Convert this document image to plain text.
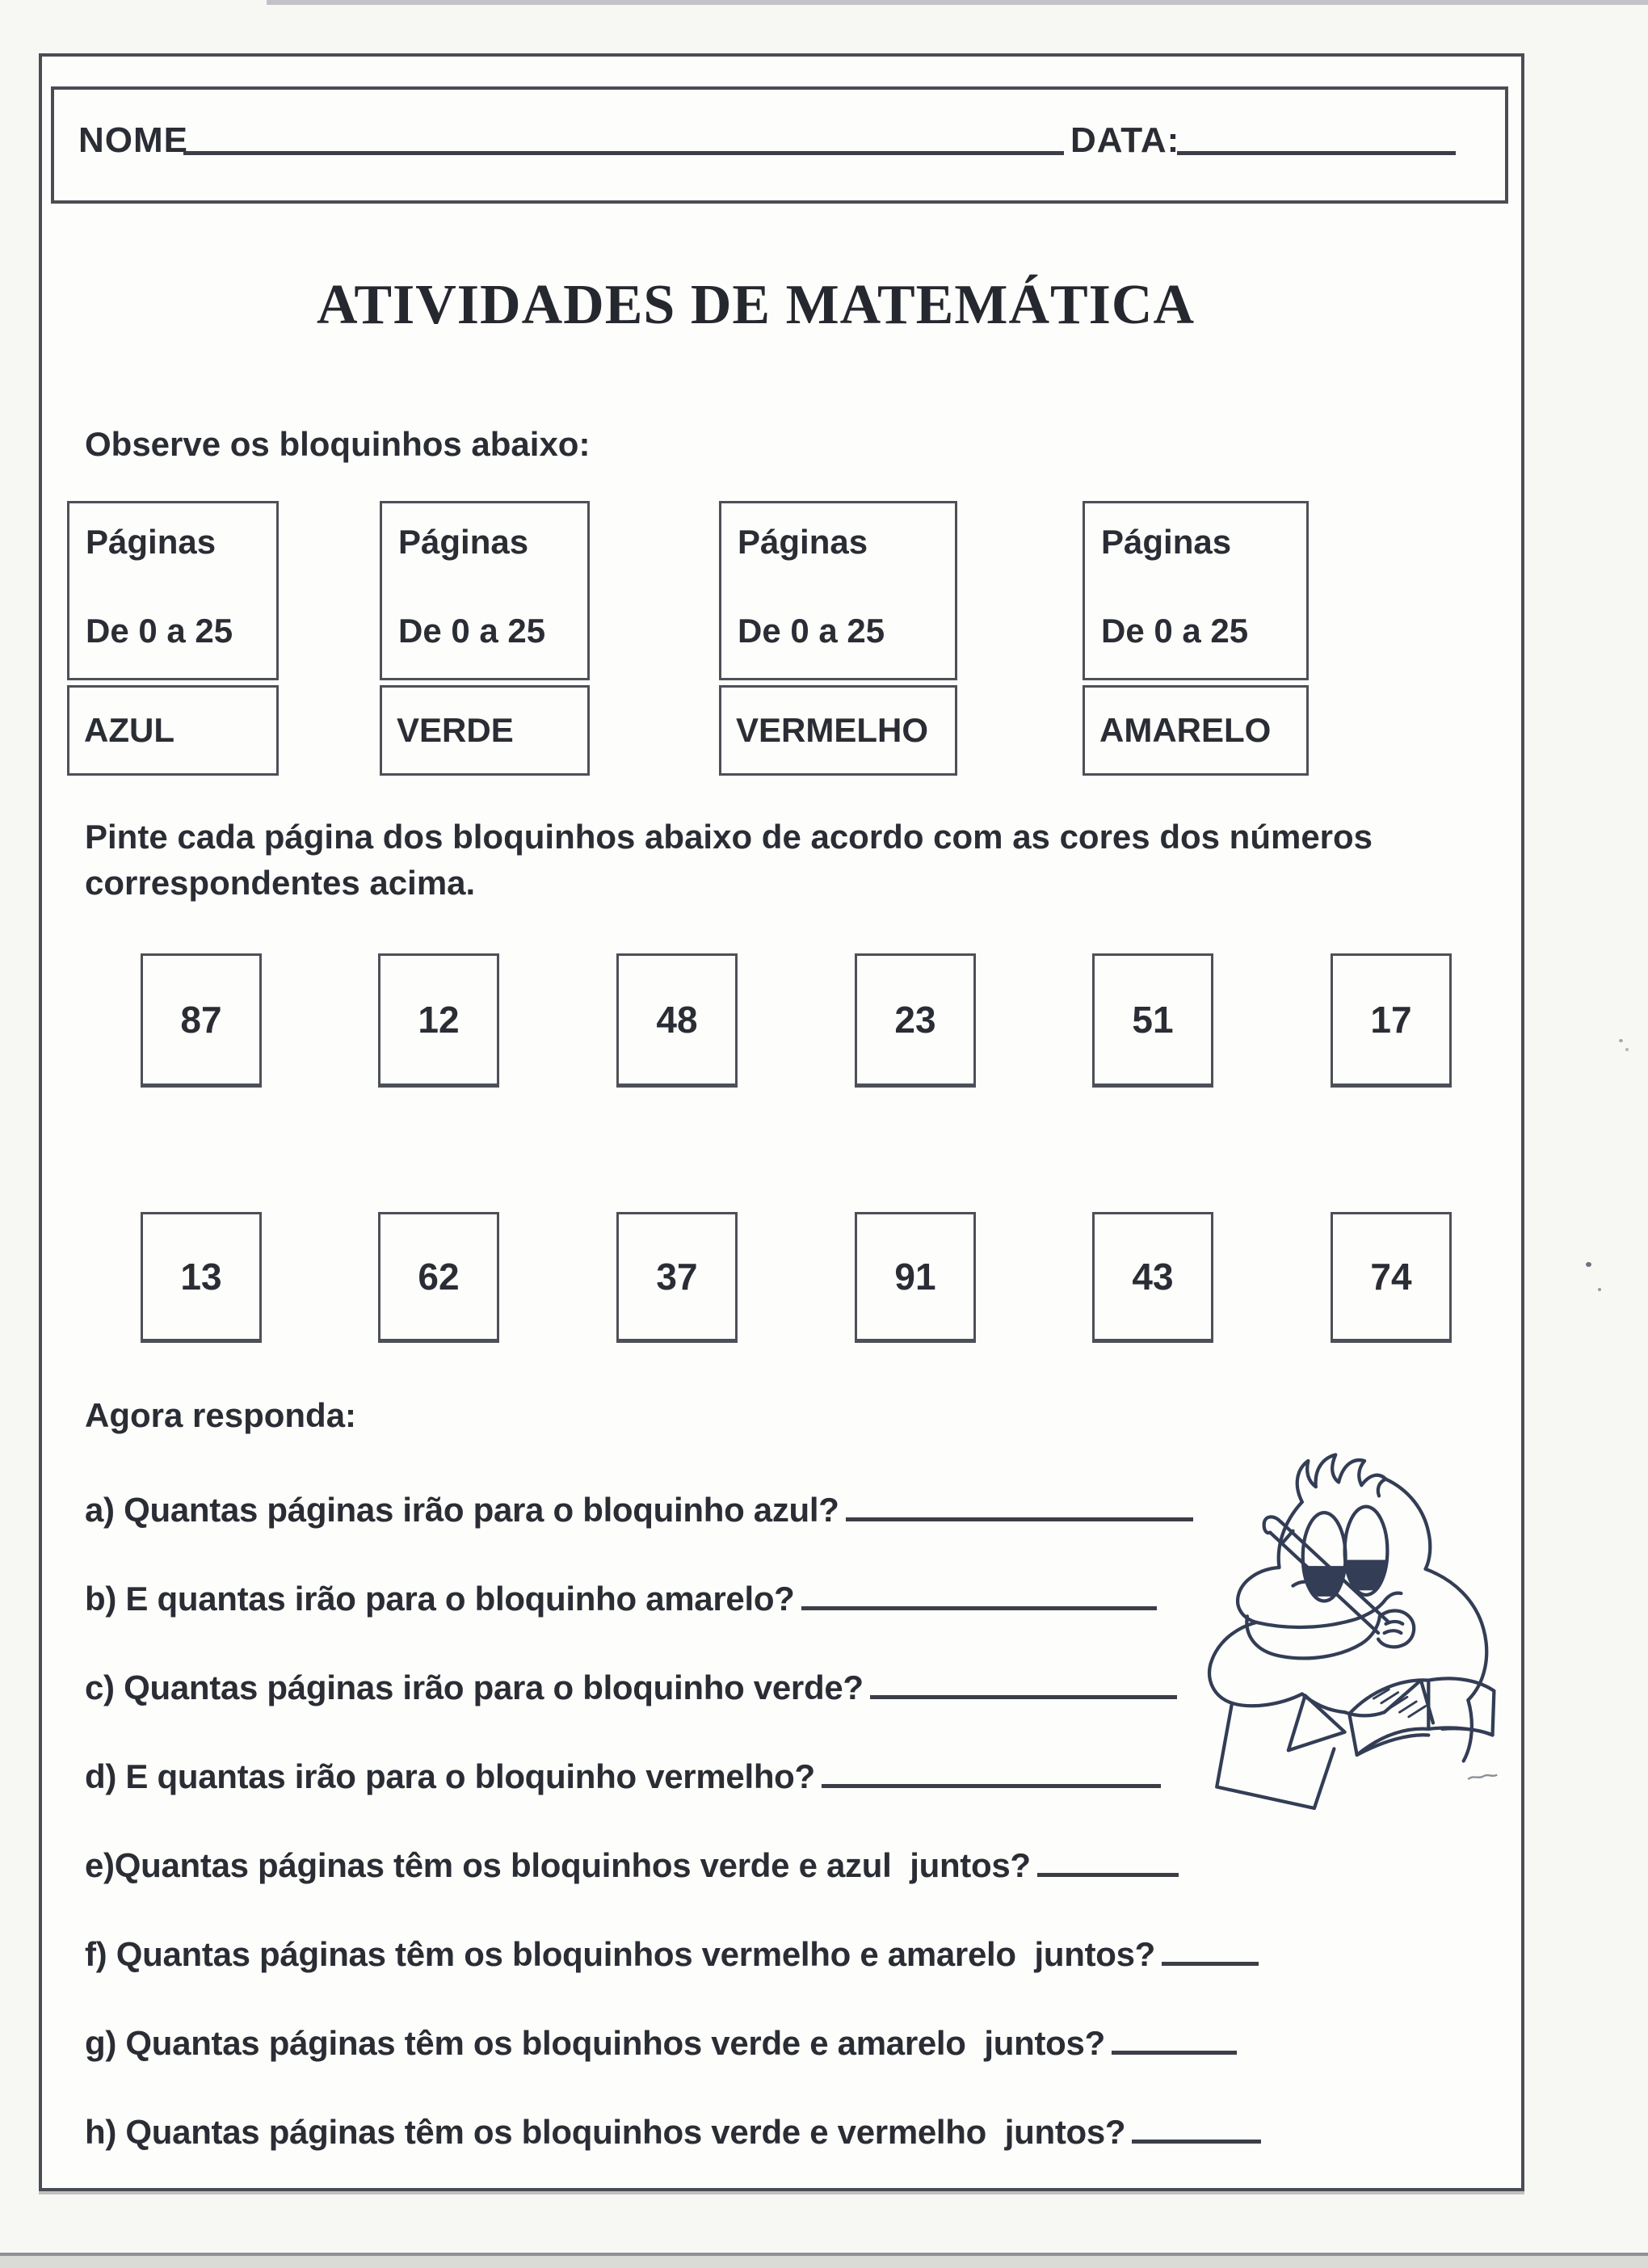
NOME	DATA:
ATIVIDADES DE MATEMÁTICA

Observe os bloquinhos abaixo:

Páginas
De 0 a 25
AZUL
Páginas
De 0 a 25
VERDE
Páginas
De 0 a 25
VERMELHO
Páginas
De 0 a 25
AMARELO

Pinte cada página dos bloquinhos abaixo de acordo com as cores dos números
correspondentes acima.

87	12	48	23	51	17
13	62	37	91	43	74

Agora responda:

a) Quantas páginas irão para o bloquinho azul?
b) E quantas irão para o bloquinho amarelo?
c) Quantas páginas irão para o bloquinho verde?
d) E quantas irão para o bloquinho vermelho?
e)Quantas páginas têm os bloquinhos verde e azul  juntos?
f) Quantas páginas têm os bloquinhos vermelho e amarelo  juntos?
g) Quantas páginas têm os bloquinhos verde e amarelo  juntos?
h) Quantas páginas têm os bloquinhos verde e vermelho  juntos?
